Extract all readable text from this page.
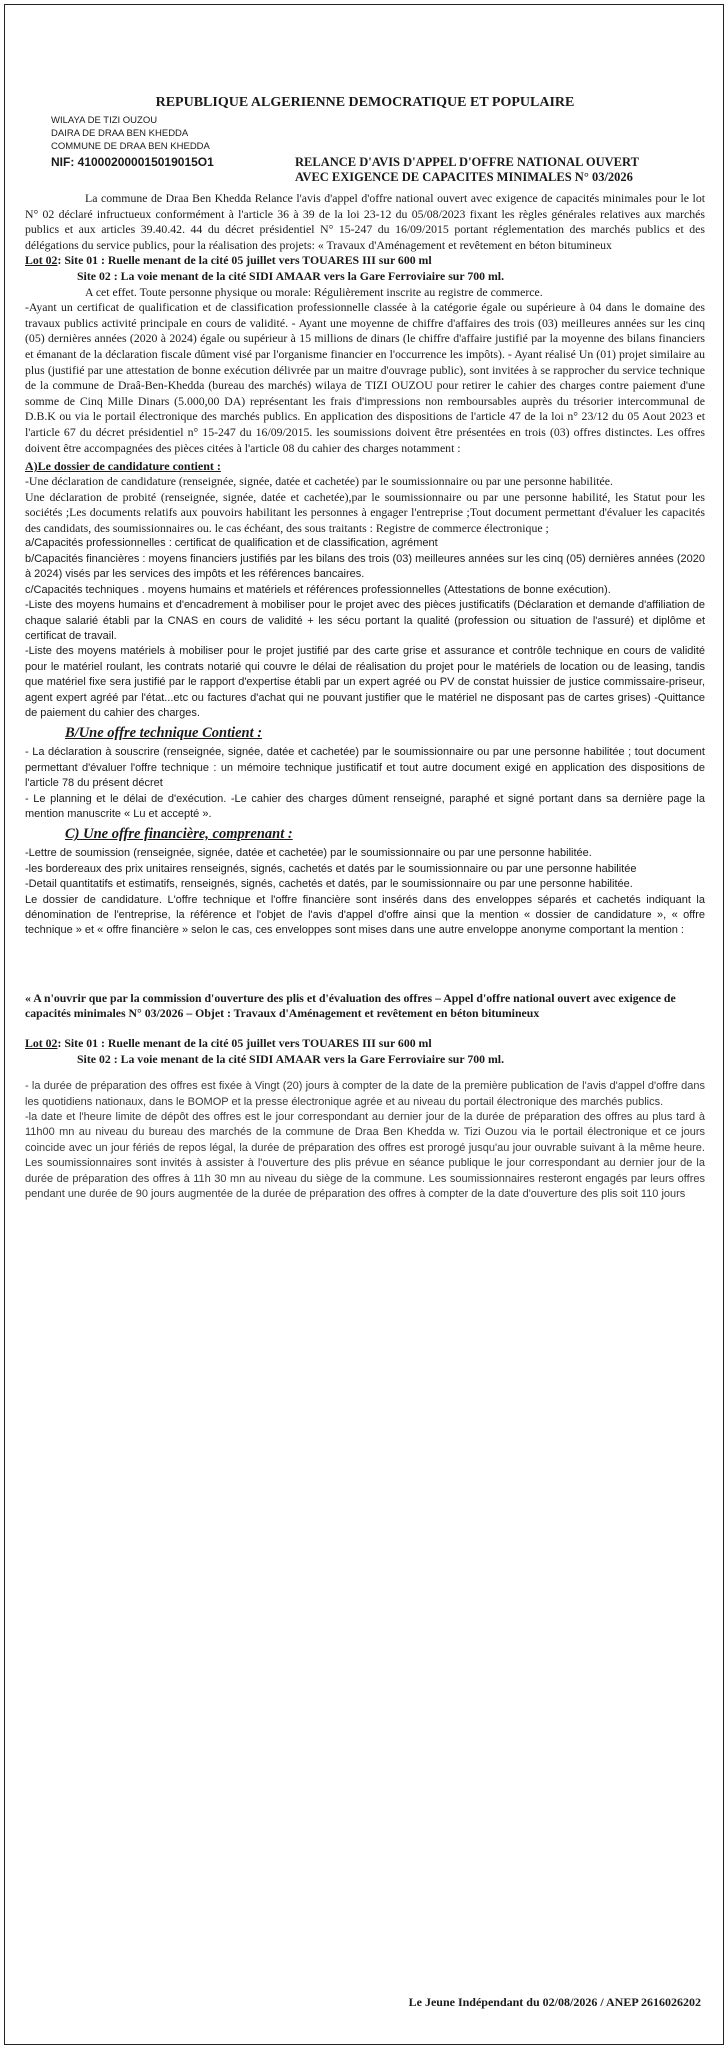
REPUBLIQUE ALGERIENNE DEMOCRATIQUE ET POPULAIRE
WILAYA DE TIZI OUZOU
DAIRA DE DRAA BEN KHEDDA
COMMUNE DE DRAA BEN KHEDDA
NIF: 410002000015019015O1	RELANCE D'AVIS D'APPEL D'OFFRE NATIONAL OUVERT
AVEC EXIGENCE DE CAPACITES MINIMALES N° 03/2026

La commune de Draa Ben Khedda Relance l'avis d'appel d'offre national ouvert avec exigence de capacités minimales pour le lot N° 02 déclaré infructueux conformément à l'article 36 à 39 de la loi 23-12 du 05/08/2023 fixant les règles générales relatives aux marchés publics et aux articles 39.40.42. 44 du décret présidentiel N° 15-247 du 16/09/2015 portant réglementation des marchés publics et des délégations du service publics, pour la réalisation des projets: « Travaux d'Aménagement et revêtement en béton bitumineux

Lot 02: Site 01 : Ruelle menant de la cité 05 juillet vers TOUARES III sur 600 ml
Site 02 : La voie menant de la cité SIDI AMAAR vers la Gare Ferroviaire sur 700 ml.

A cet effet. Toute personne physique ou morale: Régulièrement inscrite au registre de commerce.

-Ayant un certificat de qualification et de classification professionnelle classée à la catégorie égale ou supérieure à 04 dans le domaine des travaux publics activité principale en cours de validité. - Ayant une moyenne de chiffre d'affaires des trois (03) meilleures années sur les cinq (05) dernières années (2020 à 2024) égale ou supérieur à 15 millions de dinars (le chiffre d'affaire justifié par la moyenne des bilans financiers et émanant de la déclaration fiscale dûment visé par l'organisme financier en l'occurrence les impôts). - Ayant réalisé Un (01) projet similaire au plus (justifié par une attestation de bonne exécution délivrée par un maitre d'ouvrage public), sont invitées à se rapprocher du service technique de la commune de Draâ-Ben-Khedda (bureau des marchés) wilaya de TIZI OUZOU pour retirer le cahier des charges contre paiement d'une somme de Cinq Mille Dinars (5.000,00 DA) représentant les frais d'impressions non remboursables auprès du trésorier intercommunal de D.B.K ou via le portail électronique des marchés publics. En application des dispositions de l'article 47 de la loi n° 23/12 du 05 Aout 2023 et l'article 67 du décret présidentiel n° 15-247 du 16/09/2015. les soumissions doivent être présentées en trois (03) offres distinctes. Les offres doivent être accompagnées des pièces citées à l'article 08 du cahier des charges notamment :

A)Le dossier de candidature contient :

-Une déclaration de candidature (renseignée, signée, datée et cachetée) par le soumissionnaire ou par une personne habilitée.

Une déclaration de probité (renseignée, signée, datée et cachetée),par le soumissionnaire ou par une personne habilité, les Statut pour les sociétés ;Les documents relatifs aux pouvoirs habilitant les personnes à engager l'entreprise ;Tout document permettant d'évaluer les capacités des candidats, des soumissionnaires ou. le cas échéant, des sous traitants : Registre de commerce électronique ;

a/Capacités professionnelles : certificat de qualification et de classification, agrément

b/Capacités financières : moyens financiers justifiés par les bilans des trois (03) meilleures années sur les cinq (05) dernières années (2020 à 2024) visés par les services des impôts et les références bancaires.

c/Capacités techniques . moyens humains et matériels et références professionnelles (Attestations de bonne exécution).

-Liste des moyens humains et d'encadrement à mobiliser pour le projet avec des pièces justificatifs (Déclaration et demande d'affiliation de chaque salarié établi par la CNAS en cours de validité + les sécu portant la qualité (profession ou situation de l'assuré) et diplôme et certificat de travail.

-Liste des moyens matériels à mobiliser pour le projet justifié par des carte grise et assurance et contrôle technique en cours de validité pour le matériel roulant, les contrats notarié qui couvre le délai de réalisation du projet pour le matériels de location ou de leasing, tandis que matériel fixe sera justifié par le rapport d'expertise établi par un expert agréé ou PV de constat huissier de justice commissaire-priseur, agent expert agréé par l'état...etc ou factures d'achat qui ne pouvant justifier que le matériel ne disposant pas de cartes grises) -Quittance de paiement du cahier des charges.

B/Une offre technique Contient :

- La déclaration à souscrire (renseignée, signée, datée et cachetée) par le soumissionnaire ou par une personne habilitée ; tout document permettant d'évaluer l'offre technique : un mémoire technique justificatif et tout autre document exigé en application des dispositions de l'article 78 du présent décret

- Le planning et le délai de d'exécution. -Le cahier des charges dûment renseigné, paraphé et signé portant dans sa dernière page la mention manuscrite « Lu et accepté ».

C) Une offre financière, comprenant :

-Lettre de soumission (renseignée, signée, datée et cachetée) par le soumissionnaire ou par une personne habilitée.

-les bordereaux des prix unitaires renseignés, signés, cachetés et datés par le soumissionnaire ou par une personne habilitée

-Detail quantitatifs et estimatifs, renseignés, signés, cachetés et datés, par le soumissionnaire ou par une personne habilitée.

Le dossier de candidature. L'offre technique et l'offre financière sont insérés dans des enveloppes séparés et cachetés indiquant la dénomination de l'entreprise, la référence et l'objet de l'avis d'appel d'offre ainsi que la mention « dossier de candidature », « offre technique » et « offre financière » selon le cas, ces enveloppes sont mises dans une autre enveloppe anonyme comportant la mention :

« A n'ouvrir que par la commission d'ouverture des plis et d'évaluation des offres – Appel d'offre national ouvert avec exigence de capacités minimales N° 03/2026 – Objet : Travaux d'Aménagement et revêtement en béton bitumineux
Lot 02: Site 01 : Ruelle menant de la cité 05 juillet vers TOUARES III sur 600 ml
Site 02 : La voie menant de la cité SIDI AMAAR vers la Gare Ferroviaire sur 700 ml.

- la durée de préparation des offres est fixée à Vingt (20) jours à compter de la date de la première publication de l'avis d'appel d'offre dans les quotidiens nationaux, dans le BOMOP et la presse électronique agrée et au niveau du portail électronique des marchés publics.

-la date et l'heure limite de dépôt des offres est le jour correspondant au dernier jour de la durée de préparation des offres au plus tard à 11h00 mn au niveau du bureau des marchés de la commune de Draa Ben Khedda w. Tizi Ouzou via le portail électronique et ce jours coincide avec un jour fériés de repos légal, la durée de préparation des offres est prorogé jusqu'au jour ouvrable suivant à la même heure. Les soumissionnaires sont invités à assister à l'ouverture des plis prévue en séance publique le jour correspondant au dernier jour de la durée de préparation des offres à 11h 30 mn au niveau du siège de la commune. Les soumissionnaires resteront engagés par leurs offres pendant une durée de 90 jours augmentée de la durée de préparation des offres à compter de la date d'ouverture des plis soit 110 jours

Le Jeune Indépendant du 02/08/2026 / ANEP 2616026202
